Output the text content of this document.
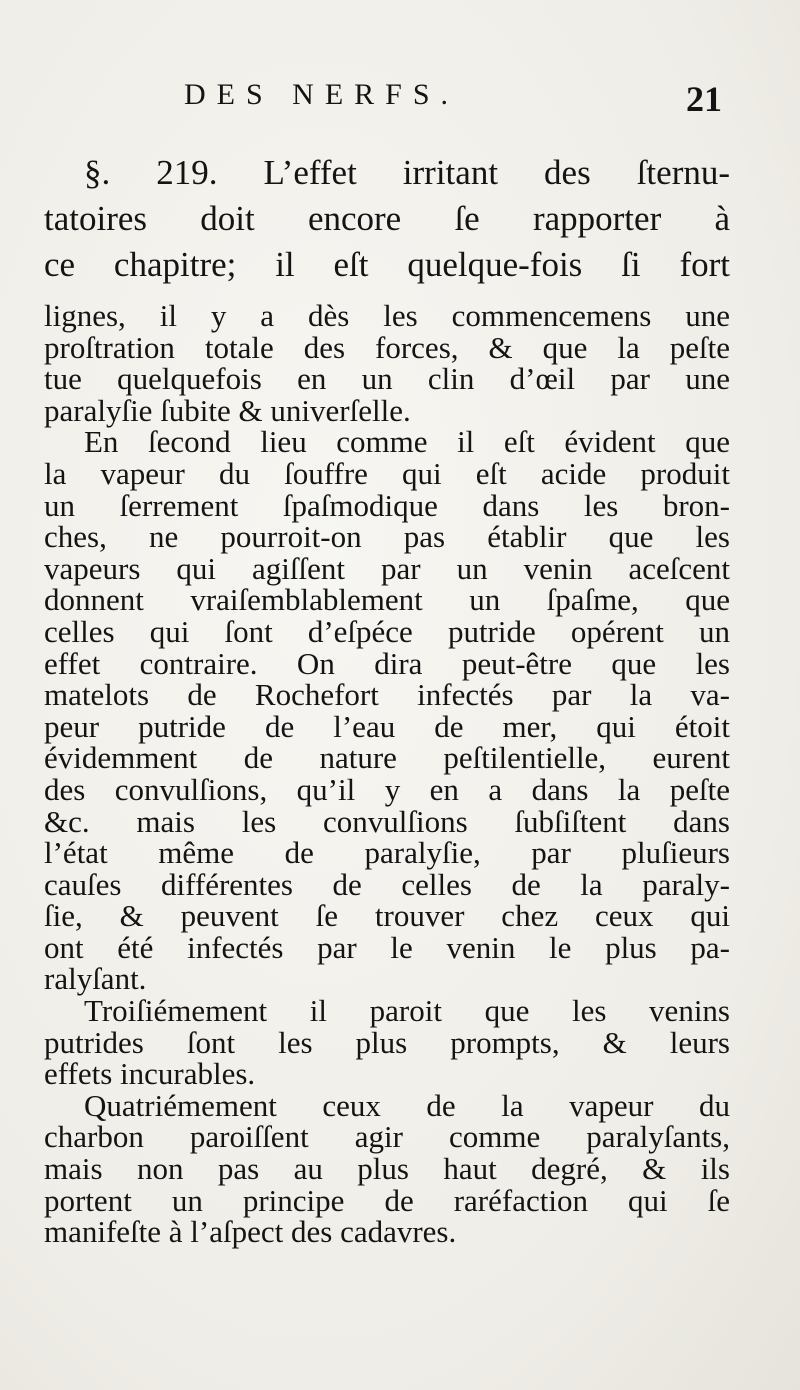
DES NERFS.	21
§. 219. L’effet irritant des ſternu-
tatoires doit encore ſe rapporter à
ce chapitre; il eſt quelque-fois ſi fort
lignes, il y a dès les commencemens une
proſtration totale des forces, & que la peſte
tue quelquefois en un clin d’œil par une
paralyſie ſubite & univerſelle.
En ſecond lieu comme il eſt évident que
la vapeur du ſouffre qui eſt acide produit
un ſerrement ſpaſmodique dans les bron-
ches, ne pourroit-on pas établir que les
vapeurs qui agiſſent par un venin aceſcent
donnent vraiſemblablement un ſpaſme, que
celles qui ſont d’eſpéce putride opérent un
effet contraire. On dira peut-être que les
matelots de Rochefort infectés par la va-
peur putride de l’eau de mer, qui étoit
évidemment de nature peſtilentielle, eurent
des convulſions, qu’il y en a dans la peſte
&c. mais les convulſions ſubſiſtent dans
l’état même de paralyſie, par pluſieurs
cauſes différentes de celles de la paraly-
ſie, & peuvent ſe trouver chez ceux qui
ont été infectés par le venin le plus pa-
ralyſant.
Troiſiémement il paroit que les venins
putrides ſont les plus prompts, & leurs
effets incurables.
Quatriémement ceux de la vapeur du
charbon paroiſſent agir comme paralyſants,
mais non pas au plus haut degré, & ils
portent un principe de raréfaction qui ſe
manifeſte à l’aſpect des cadavres.
